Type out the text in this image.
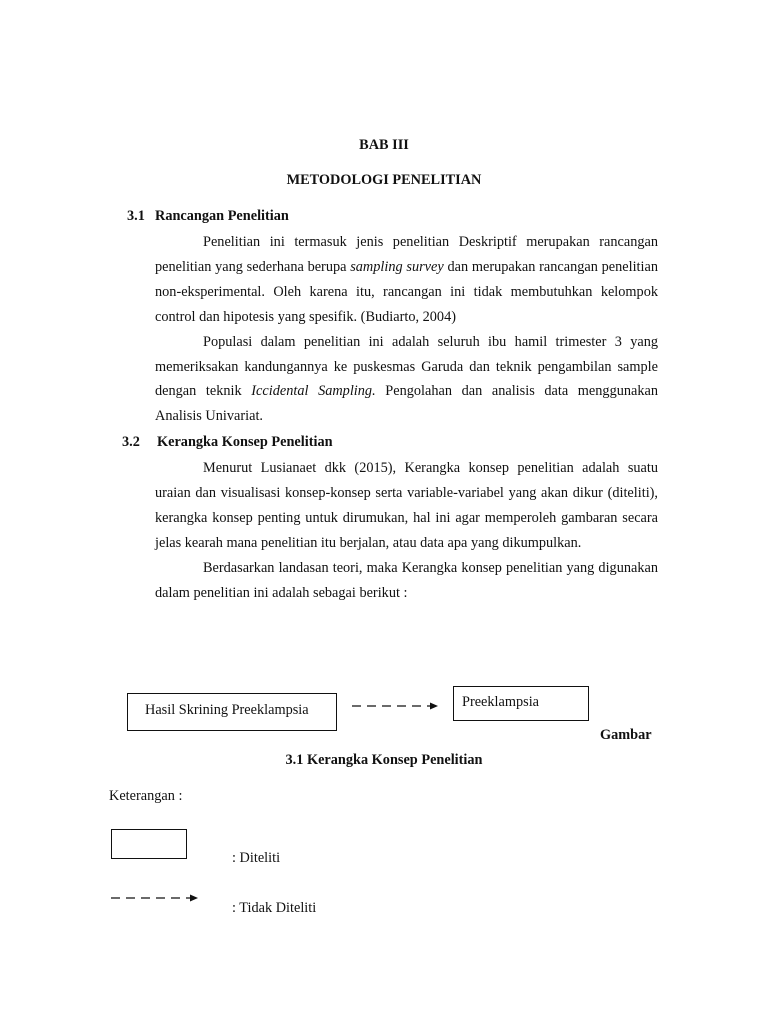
BAB III
METODOLOGI PENELITIAN
3.1 Rancangan Penelitian

Penelitian ini termasuk jenis penelitian Deskriptif merupakan rancangan penelitian yang sederhana berupa sampling survey dan merupakan rancangan penelitian non-eksperimental. Oleh karena itu, rancangan ini tidak membutuhkan kelompok control dan hipotesis yang spesifik. (Budiarto, 2004)

Populasi dalam penelitian ini adalah seluruh ibu hamil trimester 3 yang memeriksakan kandungannya ke puskesmas Garuda dan teknik pengambilan sample dengan teknik Iccidental Sampling. Pengolahan dan analisis data menggunakan Analisis Univariat.

3.2 Kerangka Konsep Penelitian

Menurut Lusianaet dkk (2015), Kerangka konsep penelitian adalah suatu uraian dan visualisasi konsep-konsep serta variable-variabel yang akan dikur (diteliti), kerangka konsep penting untuk dirumukan, hal ini agar memperoleh gambaran secara jelas kearah mana penelitian itu berjalan, atau data apa yang dikumpulkan.

Berdasarkan landasan teori, maka Kerangka konsep penelitian yang digunakan dalam penelitian ini adalah sebagai berikut :

Hasil Skrining Preeklampsia	Preeklampsia
Gambar
3.1 Kerangka Konsep Penelitian
Keterangan :
: Diteliti
: Tidak Diteliti
